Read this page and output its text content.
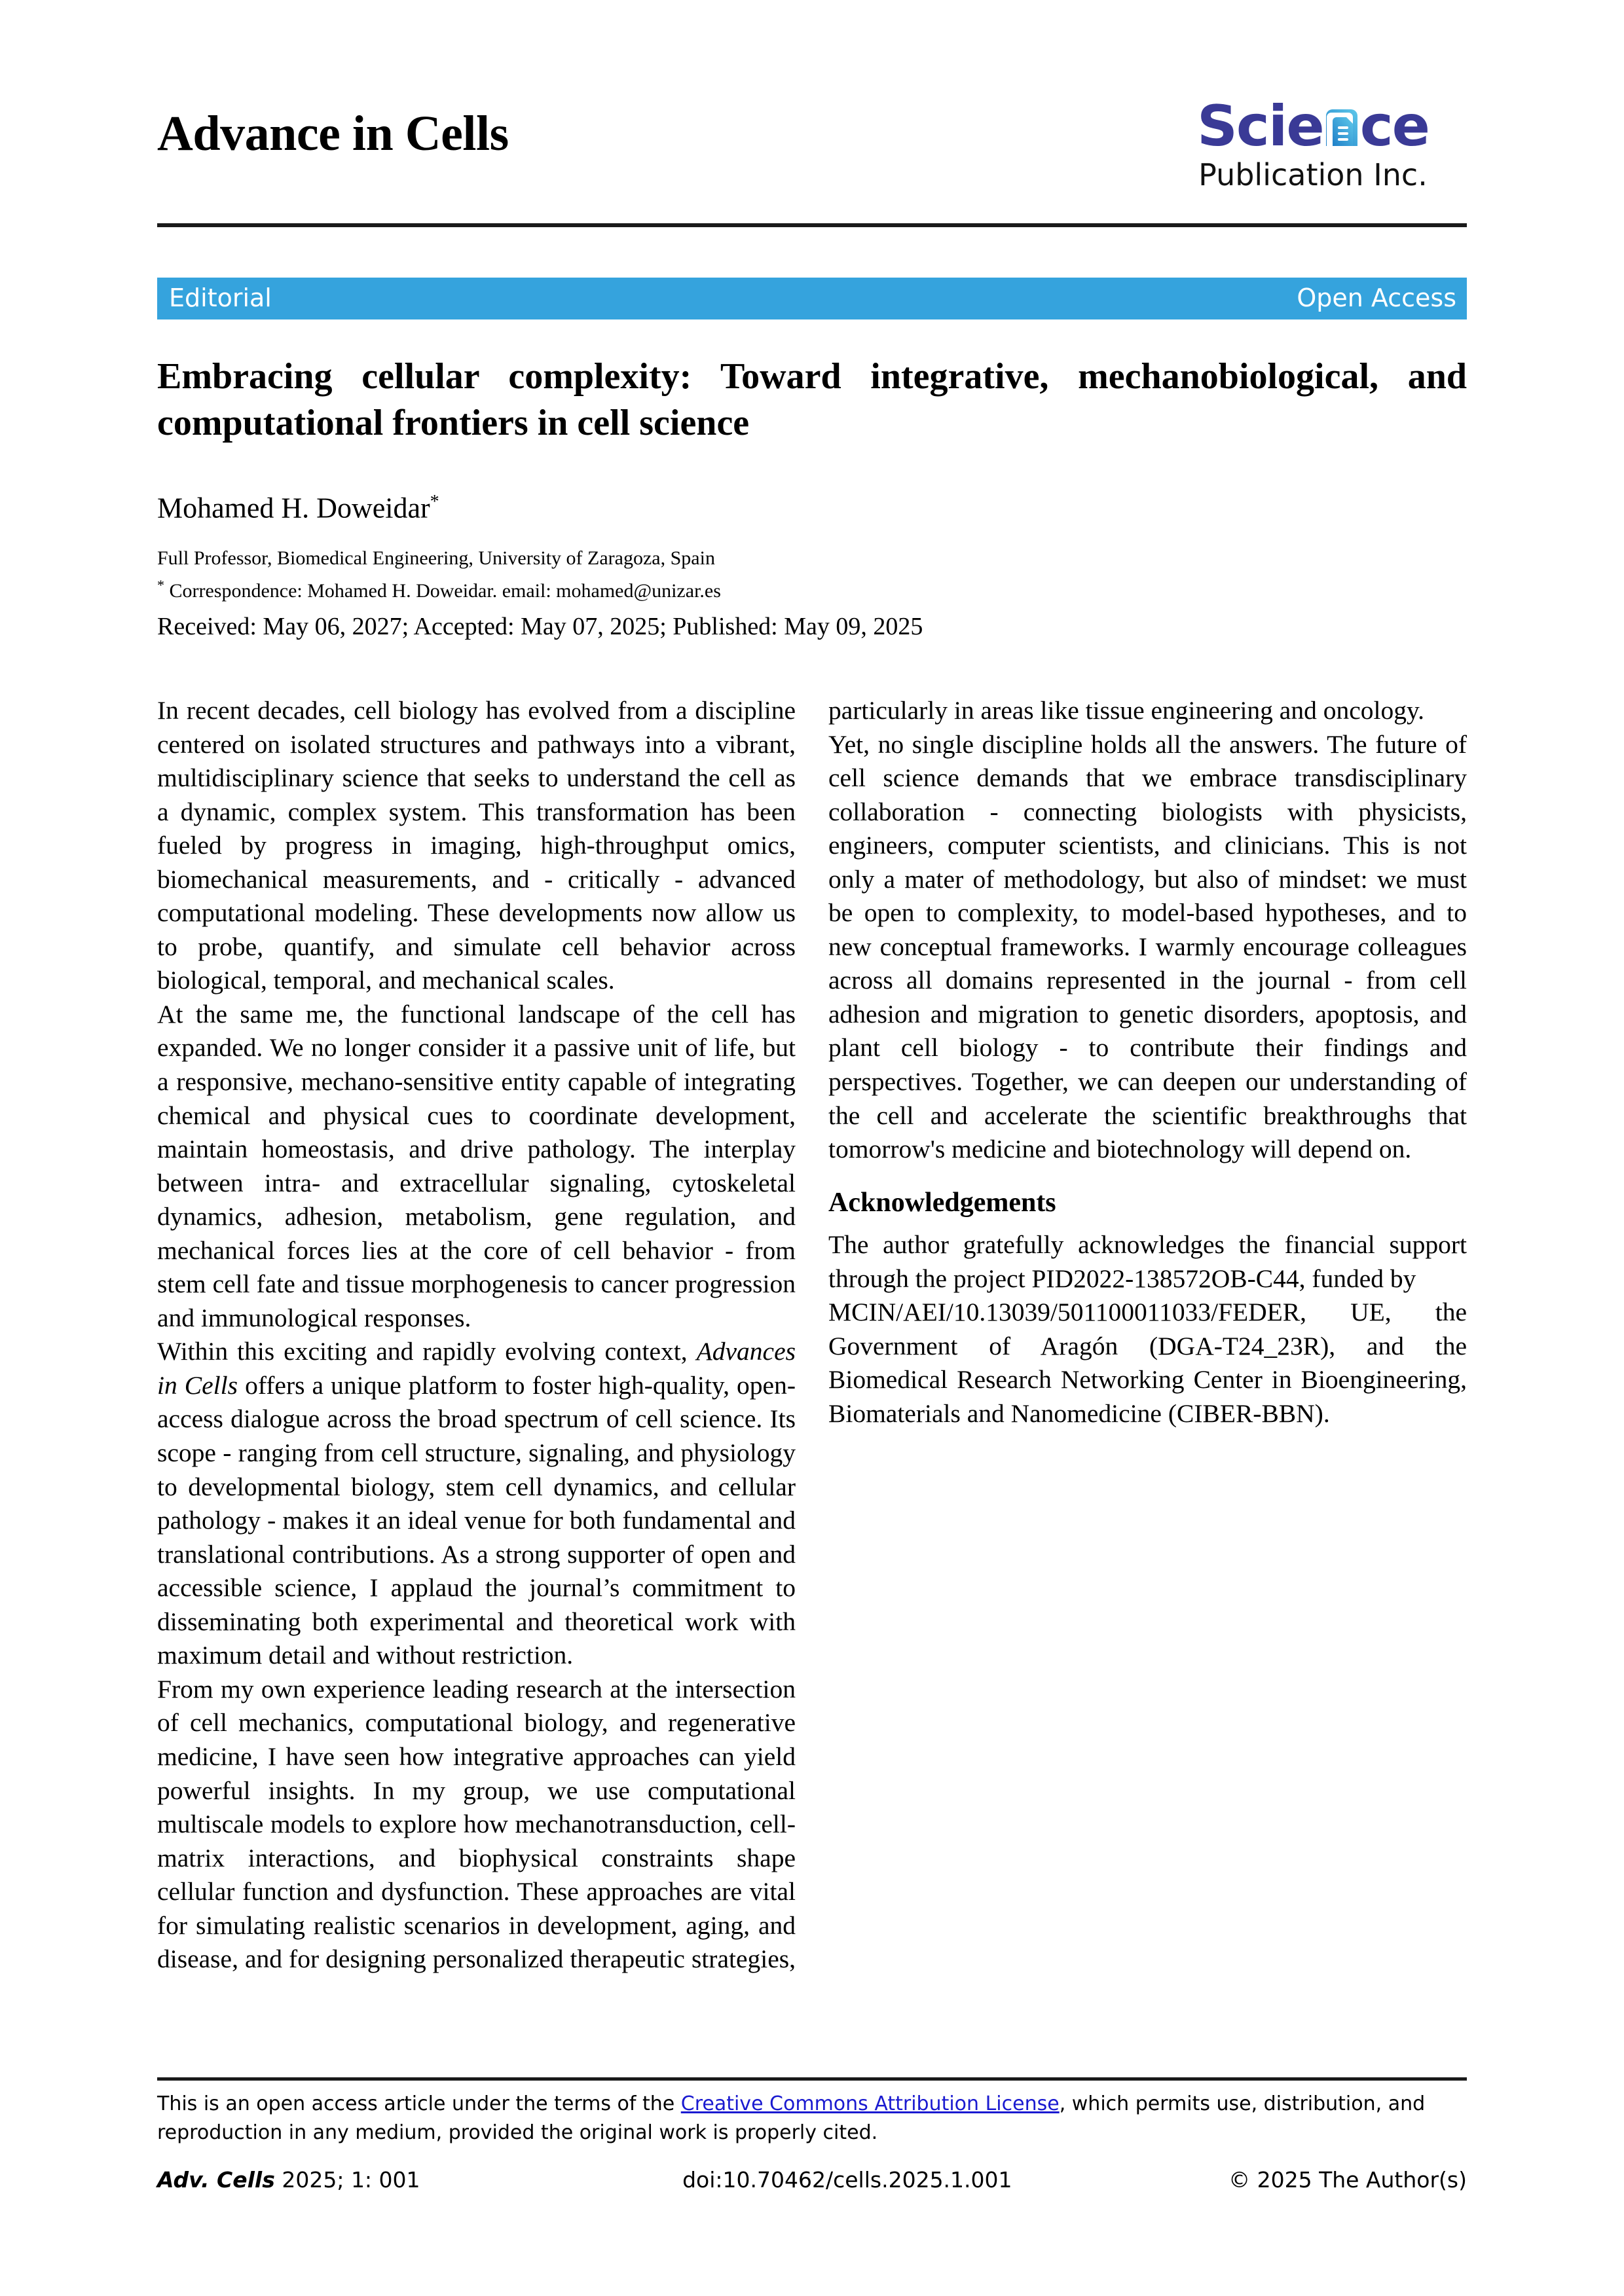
Advance in Cells	Scie ce
Publication Inc.
Editorial	Open Access
Embracing cellular complexity: Toward integrative, mechanobiological, and computational frontiers in cell science
Mohamed H. Doweidar*
Full Professor, Biomedical Engineering, University of Zaragoza, Spain
* Correspondence: Mohamed H. Doweidar. email: mohamed@unizar.es
Received: May 06, 2027; Accepted: May 07, 2025; Published: May 09, 2025

In recent decades, cell biology has evolved from a discipline centered on isolated structures and pathways into a vibrant, multidisciplinary science that seeks to understand the cell as a dynamic, complex system. This transformation has been fueled by progress in imaging, high-throughput omics, biomechanical measurements, and - critically - advanced computational modeling. These developments now allow us to probe, quantify, and simulate cell behavior across biological, temporal, and mechanical scales.

At the same me, the functional landscape of the cell has expanded. We no longer consider it a passive unit of life, but a responsive, mechano-sensitive entity capable of integrating chemical and physical cues to coordinate development, maintain homeostasis, and drive pathology. The interplay between intra- and extracellular signaling, cytoskeletal dynamics, adhesion, metabolism, gene regulation, and mechanical forces lies at the core of cell behavior - from stem cell fate and tissue morphogenesis to cancer progression and immunological responses.

Within this exciting and rapidly evolving context, Advances in Cells offers a unique platform to foster high-quality, open-access dialogue across the broad spectrum of cell science. Its scope - ranging from cell structure, signaling, and physiology to developmental biology, stem cell dynamics, and cellular pathology - makes it an ideal venue for both fundamental and translational contributions. As a strong supporter of open and accessible science, I applaud the journal’s commitment to disseminating both experimental and theoretical work with maximum detail and without restriction.

From my own experience leading research at the intersection of cell mechanics, computational biology, and regenerative medicine, I have seen how integrative approaches can yield powerful insights. In my group, we use computational multiscale models to explore how mechanotransduction, cell-matrix interactions, and biophysical constraints shape cellular function and dysfunction. These approaches are vital for simulating realistic scenarios in development, aging, and disease, and for designing personalized therapeutic strategies,

particularly in areas like tissue engineering and oncology.

Yet, no single discipline holds all the answers. The future of cell science demands that we embrace transdisciplinary collaboration - connecting biologists with physicists, engineers, computer scientists, and clinicians. This is not only a mater of methodology, but also of mindset: we must be open to complexity, to model-based hypotheses, and to new conceptual frameworks. I warmly encourage colleagues across all domains represented in the journal - from cell adhesion and migration to genetic disorders, apoptosis, and plant cell biology - to contribute their findings and perspectives. Together, we can deepen our understanding of the cell and accelerate the scientific breakthroughs that tomorrow's medicine and biotechnology will depend on.

Acknowledgements

The author gratefully acknowledges the financial support through the project PID2022-138572OB-C44, funded by

MCIN/AEI/10.13039/501100011033/FEDER, UE, the Government of Aragón (DGA-T24_23R), and the Biomedical Research Networking Center in Bioengineering, Biomaterials and Nanomedicine (CIBER-BBN).

This is an open access article under the terms of the Creative Commons Attribution License, which permits use, distribution, and reproduction in any medium, provided the original work is properly cited.
Adv. Cells 2025; 1: 001	doi:10.70462/cells.2025.1.001	© 2025 The Author(s)
